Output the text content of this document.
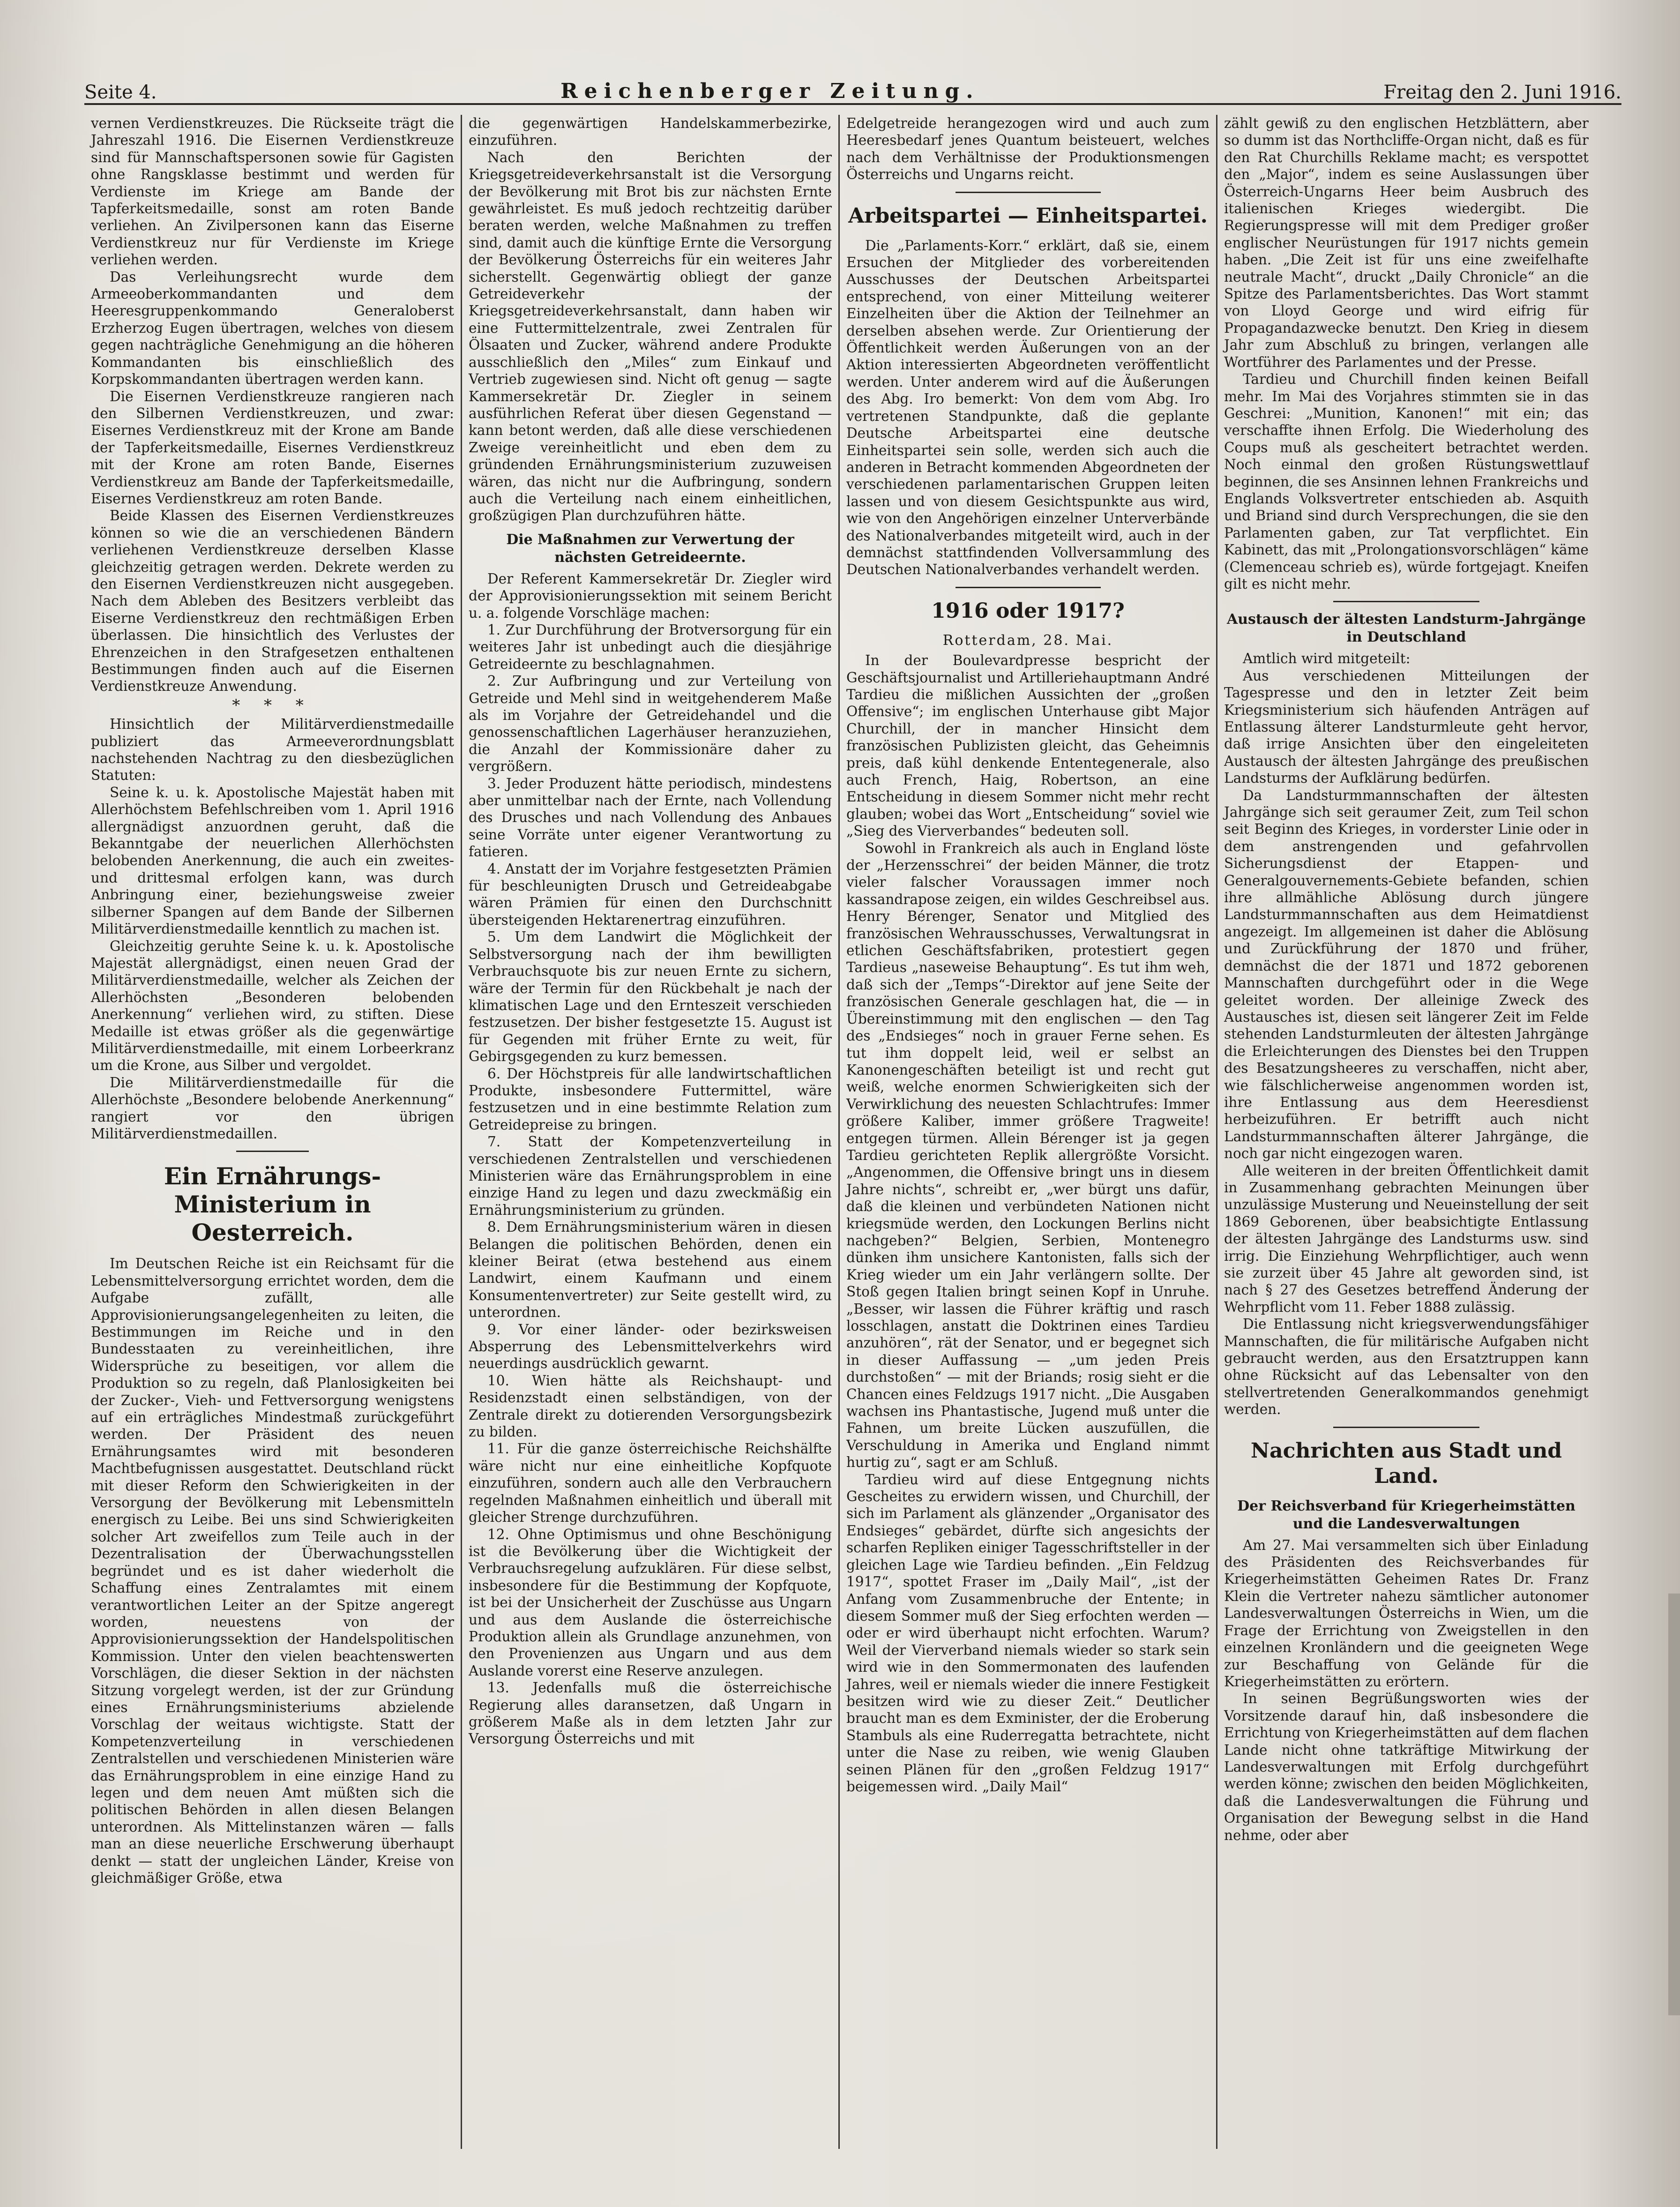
Seite 4.	Reichenberger Zeitung.	Freitag den 2. Juni 1916.

vernen Verdienstkreuzes. Die Rückseite trägt die Jahreszahl 1916. Die Eisernen Verdienstkreuze sind für Mannschaftspersonen sowie für Gagisten ohne Rangsklasse bestimmt und werden für Verdienste im Kriege am Bande der Tapferkeitsmedaille, sonst am roten Bande verliehen. An Zivilpersonen kann das Eiserne Verdienstkreuz nur für Verdienste im Kriege verliehen werden.

Das Verleihungsrecht wurde dem Armeeoberkommandanten und dem Heeresgruppenkommando Generaloberst Erzherzog Eugen übertragen, welches von diesem gegen nachträgliche Genehmigung an die höheren Kommandanten bis einschließlich des Korpskommandanten übertragen werden kann.

Die Eisernen Verdienstkreuze rangieren nach den Silbernen Verdienstkreuzen, und zwar: Eisernes Verdienstkreuz mit der Krone am Bande der Tapferkeitsmedaille, Eisernes Verdienstkreuz mit der Krone am roten Bande, Eisernes Verdienstkreuz am Bande der Tapferkeitsmedaille, Eisernes Verdienstkreuz am roten Bande.

Beide Klassen des Eisernen Verdienstkreuzes können so wie die an verschiedenen Bändern verliehenen Verdienstkreuze derselben Klasse gleichzeitig getragen werden. Dekrete werden zu den Eisernen Verdienstkreuzen nicht ausgegeben. Nach dem Ableben des Besitzers verbleibt das Eiserne Verdienstkreuz den rechtmäßigen Erben überlassen. Die hinsichtlich des Verlustes der Ehrenzeichen in den Strafgesetzen enthaltenen Bestimmungen finden auch auf die Eisernen Verdienstkreuze Anwendung.

* * *

Hinsichtlich der Militärverdienstmedaille publiziert das Armeeverordnungsblatt nachstehenden Nachtrag zu den diesbezüglichen Statuten:

Seine k. u. k. Apostolische Majestät haben mit Allerhöchstem Befehlschreiben vom 1. April 1916 allergnädigst anzuordnen geruht, daß die Bekanntgabe der neuerlichen Allerhöchsten belobenden Anerkennung, die auch ein zweites- und drittesmal erfolgen kann, was durch Anbringung einer, beziehungsweise zweier silberner Spangen auf dem Bande der Silbernen Militärverdienstmedaille kenntlich zu machen ist.

Gleichzeitig geruhte Seine k. u. k. Apostolische Majestät allergnädigst, einen neuen Grad der Militärverdienstmedaille, welcher als Zeichen der Allerhöchsten „Besonderen belobenden Anerkennung“ verliehen wird, zu stiften. Diese Medaille ist etwas größer als die gegenwärtige Militärverdienstmedaille, mit einem Lorbeerkranz um die Krone, aus Silber und vergoldet.

Die Militärverdienstmedaille für die Allerhöchste „Besondere belobende Anerkennung“ rangiert vor den übrigen Militärverdienstmedaillen.

Ein Ernährungs-Ministerium in Oesterreich.

Im Deutschen Reiche ist ein Reichsamt für die Lebensmittelversorgung errichtet worden, dem die Aufgabe zufällt, alle Approvisionierungsangelegenheiten zu leiten, die Bestimmungen im Reiche und in den Bundesstaaten zu vereinheitlichen, ihre Widersprüche zu beseitigen, vor allem die Produktion so zu regeln, daß Planlosigkeiten bei der Zucker-, Vieh- und Fettversorgung wenigstens auf ein erträgliches Mindestmaß zurückgeführt werden. Der Präsident des neuen Ernährungsamtes wird mit besonderen Machtbefugnissen ausgestattet. Deutschland rückt mit dieser Reform den Schwierigkeiten in der Versorgung der Bevölkerung mit Lebensmitteln energisch zu Leibe. Bei uns sind Schwierigkeiten solcher Art zweifellos zum Teile auch in der Dezentralisation der Überwachungsstellen begründet und es ist daher wiederholt die Schaffung eines Zentralamtes mit einem verantwortlichen Leiter an der Spitze angeregt worden, neuestens von der Approvisionierungssektion der Handelspolitischen Kommission. Unter den vielen beachtenswerten Vorschlägen, die dieser Sektion in der nächsten Sitzung vorgelegt werden, ist der zur Gründung eines Ernährungsministeriums abzielende Vorschlag der weitaus wichtigste. Statt der Kompetenzverteilung in verschiedenen Zentralstellen und verschiedenen Ministerien wäre das Ernährungsproblem in eine einzige Hand zu legen und dem neuen Amt müßten sich die politischen Behörden in allen diesen Belangen unterordnen. Als Mittelinstanzen wären — falls man an diese neuerliche Erschwerung überhaupt denkt — statt der ungleichen Länder, Kreise von gleichmäßiger Größe, etwa

die gegenwärtigen Handelskammerbezirke, einzuführen.

Nach den Berichten der Kriegsgetreideverkehrsanstalt ist die Versorgung der Bevölkerung mit Brot bis zur nächsten Ernte gewährleistet. Es muß jedoch rechtzeitig darüber beraten werden, welche Maßnahmen zu treffen sind, damit auch die künftige Ernte die Versorgung der Bevölkerung Österreichs für ein weiteres Jahr sicherstellt. Gegenwärtig obliegt der ganze Getreideverkehr der Kriegsgetreideverkehrsanstalt, dann haben wir eine Futtermittelzentrale, zwei Zentralen für Ölsaaten und Zucker, während andere Produkte ausschließlich den „Miles“ zum Einkauf und Vertrieb zugewiesen sind. Nicht oft genug — sagte Kammersekretär Dr. Ziegler in seinem ausführlichen Referat über diesen Gegenstand — kann betont werden, daß alle diese verschiedenen Zweige vereinheitlicht und eben dem zu gründenden Ernährungsministerium zuzuweisen wären, das nicht nur die Aufbringung, sondern auch die Verteilung nach einem einheitlichen, großzügigen Plan durchzuführen hätte.

Die Maßnahmen zur Verwertung der nächsten Getreideernte.

Der Referent Kammersekretär Dr. Ziegler wird der Approvisionierungssektion mit seinem Bericht u. a. folgende Vorschläge machen:

1. Zur Durchführung der Brotversorgung für ein weiteres Jahr ist unbedingt auch die diesjährige Getreideernte zu beschlagnahmen.

2. Zur Aufbringung und zur Verteilung von Getreide und Mehl sind in weitgehenderem Maße als im Vorjahre der Getreidehandel und die genossenschaftlichen Lagerhäuser heranzuziehen, die Anzahl der Kommissionäre daher zu vergrößern.

3. Jeder Produzent hätte periodisch, mindestens aber unmittelbar nach der Ernte, nach Vollendung des Drusches und nach Vollendung des Anbaues seine Vorräte unter eigener Verantwortung zu fatieren.

4. Anstatt der im Vorjahre festgesetzten Prämien für beschleunigten Drusch und Getreideabgabe wären Prämien für einen den Durchschnitt übersteigenden Hektarenertrag einzuführen.

5. Um dem Landwirt die Möglichkeit der Selbstversorgung nach der ihm bewilligten Verbrauchsquote bis zur neuen Ernte zu sichern, wäre der Termin für den Rückbehalt je nach der klimatischen Lage und den Ernteszeit verschieden festzusetzen. Der bisher festgesetzte 15. August ist für Gegenden mit früher Ernte zu weit, für Gebirgsgegenden zu kurz bemessen.

6. Der Höchstpreis für alle landwirtschaftlichen Produkte, insbesondere Futtermittel, wäre festzusetzen und in eine bestimmte Relation zum Getreidepreise zu bringen.

7. Statt der Kompetenzverteilung in verschiedenen Zentralstellen und verschiedenen Ministerien wäre das Ernährungsproblem in eine einzige Hand zu legen und dazu zweckmäßig ein Ernährungsministerium zu gründen.

8. Dem Ernährungsministerium wären in diesen Belangen die politischen Behörden, denen ein kleiner Beirat (etwa bestehend aus einem Landwirt, einem Kaufmann und einem Konsumentenvertreter) zur Seite gestellt wird, zu unterordnen.

9. Vor einer länder- oder bezirksweisen Absperrung des Lebensmittelverkehrs wird neuerdings ausdrücklich gewarnt.

10. Wien hätte als Reichshaupt- und Residenzstadt einen selbständigen, von der Zentrale direkt zu dotierenden Versorgungsbezirk zu bilden.

11. Für die ganze österreichische Reichshälfte wäre nicht nur eine einheitliche Kopfquote einzuführen, sondern auch alle den Verbrauchern regelnden Maßnahmen einheitlich und überall mit gleicher Strenge durchzuführen.

12. Ohne Optimismus und ohne Beschönigung ist die Bevölkerung über die Wichtigkeit der Verbrauchsregelung aufzuklären. Für diese selbst, insbesondere für die Bestimmung der Kopfquote, ist bei der Unsicherheit der Zuschüsse aus Ungarn und aus dem Auslande die österreichische Produktion allein als Grundlage anzunehmen, von den Provenienzen aus Ungarn und aus dem Auslande vorerst eine Reserve anzulegen.

13. Jedenfalls muß die österreichische Regierung alles daransetzen, daß Ungarn in größerem Maße als in dem letzten Jahr zur Versorgung Österreichs und mit

Edelgetreide herangezogen wird und auch zum Heeresbedarf jenes Quantum beisteuert, welches nach dem Verhältnisse der Produktionsmengen Österreichs und Ungarns reicht.

Arbeitspartei — Einheitspartei.

Die „Parlaments-Korr.“ erklärt, daß sie, einem Ersuchen der Mitglieder des vorbereitenden Ausschusses der Deutschen Arbeitspartei entsprechend, von einer Mitteilung weiterer Einzelheiten über die Aktion der Teilnehmer an derselben absehen werde. Zur Orientierung der Öffentlichkeit werden Äußerungen von an der Aktion interessierten Abgeordneten veröffentlicht werden. Unter anderem wird auf die Äußerungen des Abg. Iro bemerkt: Von dem vom Abg. Iro vertretenen Standpunkte, daß die geplante Deutsche Arbeitspartei eine deutsche Einheitspartei sein solle, werden sich auch die anderen in Betracht kommenden Abgeordneten der verschiedenen parlamentarischen Gruppen leiten lassen und von diesem Gesichtspunkte aus wird, wie von den Angehörigen einzelner Unterverbände des Nationalverbandes mitgeteilt wird, auch in der demnächst stattfindenden Vollversammlung des Deutschen Nationalverbandes verhandelt werden.

1916 oder 1917?
Rotterdam, 28. Mai.

In der Boulevardpresse bespricht der Geschäftsjournalist und Artilleriehauptmann André Tardieu die mißlichen Aussichten der „großen Offensive“; im englischen Unterhause gibt Major Churchill, der in mancher Hinsicht dem französischen Publizisten gleicht, das Geheimnis preis, daß kühl denkende Ententegenerale, also auch French, Haig, Robertson, an eine Entscheidung in diesem Sommer nicht mehr recht glauben; wobei das Wort „Entscheidung“ soviel wie „Sieg des Vierverbandes“ bedeuten soll.

Sowohl in Frankreich als auch in England löste der „Herzensschrei“ der beiden Männer, die trotz vieler falscher Voraussagen immer noch kassandrapose zeigen, ein wildes Geschreibsel aus. Henry Bérenger, Senator und Mitglied des französischen Wehrausschusses, Verwaltungsrat in etlichen Geschäftsfabriken, protestiert gegen Tardieus „naseweise Behauptung“. Es tut ihm weh, daß sich der „Temps“-Direktor auf jene Seite der französischen Generale geschlagen hat, die — in Übereinstimmung mit den englischen — den Tag des „Endsieges“ noch in grauer Ferne sehen. Es tut ihm doppelt leid, weil er selbst an Kanonengeschäften beteiligt ist und recht gut weiß, welche enormen Schwierigkeiten sich der Verwirklichung des neuesten Schlachtrufes: Immer größere Kaliber, immer größere Tragweite! entgegen türmen. Allein Bérenger ist ja gegen Tardieu gerichteten Replik allergrößte Vorsicht. „Angenommen, die Offensive bringt uns in diesem Jahre nichts“, schreibt er, „wer bürgt uns dafür, daß die kleinen und verbündeten Nationen nicht kriegsmüde werden, den Lockungen Berlins nicht nachgeben?“ Belgien, Serbien, Montenegro dünken ihm unsichere Kantonisten, falls sich der Krieg wieder um ein Jahr verlängern sollte. Der Stoß gegen Italien bringt seinen Kopf in Unruhe. „Besser, wir lassen die Führer kräftig und rasch losschlagen, anstatt die Doktrinen eines Tardieu anzuhören“, rät der Senator, und er begegnet sich in dieser Auffassung — „um jeden Preis durchstoßen“ — mit der Briands; rosig sieht er die Chancen eines Feldzugs 1917 nicht. „Die Ausgaben wachsen ins Phantastische, Jugend muß unter die Fahnen, um breite Lücken auszufüllen, die Verschuldung in Amerika und England nimmt hurtig zu“, sagt er am Schluß.

Tardieu wird auf diese Entgegnung nichts Gescheites zu erwidern wissen, und Churchill, der sich im Parlament als glänzender „Organisator des Endsieges“ gebärdet, dürfte sich angesichts der scharfen Repliken einiger Tagesschriftsteller in der gleichen Lage wie Tardieu befinden. „Ein Feldzug 1917“, spottet Fraser im „Daily Mail“, „ist der Anfang vom Zusammenbruche der Entente; in diesem Sommer muß der Sieg erfochten werden — oder er wird überhaupt nicht erfochten. Warum? Weil der Vierverband niemals wieder so stark sein wird wie in den Sommermonaten des laufenden Jahres, weil er niemals wieder die innere Festigkeit besitzen wird wie zu dieser Zeit.“ Deutlicher braucht man es dem Exminister, der die Eroberung Stambuls als eine Ruderregatta betrachtete, nicht unter die Nase zu reiben, wie wenig Glauben seinen Plänen für den „großen Feldzug 1917“ beigemessen wird. „Daily Mail“

zählt gewiß zu den englischen Hetzblättern, aber so dumm ist das Northcliffe-Organ nicht, daß es für den Rat Churchills Reklame macht; es verspottet den „Major“, indem es seine Auslassungen über Österreich-Ungarns Heer beim Ausbruch des italienischen Krieges wiedergibt. Die Regierungspresse will mit dem Prediger großer englischer Neurüstungen für 1917 nichts gemein haben. „Die Zeit ist für uns eine zweifelhafte neutrale Macht“, druckt „Daily Chronicle“ an die Spitze des Parlamentsberichtes. Das Wort stammt von Lloyd George und wird eifrig für Propagandazwecke benutzt. Den Krieg in diesem Jahr zum Abschluß zu bringen, verlangen alle Wortführer des Parlamentes und der Presse.

Tardieu und Churchill finden keinen Beifall mehr. Im Mai des Vorjahres stimmten sie in das Geschrei: „Munition, Kanonen!“ mit ein; das verschaffte ihnen Erfolg. Die Wiederholung des Coups muß als gescheitert betrachtet werden. Noch einmal den großen Rüstungswettlauf beginnen, die ses Ansinnen lehnen Frankreichs und Englands Volksvertreter entschieden ab. Asquith und Briand sind durch Versprechungen, die sie den Parlamenten gaben, zur Tat verpflichtet. Ein Kabinett, das mit „Prolongationsvorschlägen“ käme (Clemenceau schrieb es), würde fortgejagt. Kneifen gilt es nicht mehr.

Austausch der ältesten Landsturm-Jahrgänge in Deutschland

Amtlich wird mitgeteilt:

Aus verschiedenen Mitteilungen der Tagespresse und den in letzter Zeit beim Kriegsministerium sich häufenden Anträgen auf Entlassung älterer Landsturmleute geht hervor, daß irrige Ansichten über den eingeleiteten Austausch der ältesten Jahrgänge des preußischen Landsturms der Aufklärung bedürfen.

Da Landsturmmannschaften der ältesten Jahrgänge sich seit geraumer Zeit, zum Teil schon seit Beginn des Krieges, in vorderster Linie oder in dem anstrengenden und gefahrvollen Sicherungsdienst der Etappen- und Generalgouvernements-Gebiete befanden, schien ihre allmähliche Ablösung durch jüngere Landsturmmannschaften aus dem Heimatdienst angezeigt. Im allgemeinen ist daher die Ablösung und Zurückführung der 1870 und früher, demnächst die der 1871 und 1872 geborenen Mannschaften durchgeführt oder in die Wege geleitet worden. Der alleinige Zweck des Austausches ist, diesen seit längerer Zeit im Felde stehenden Landsturmleuten der ältesten Jahrgänge die Erleichterungen des Dienstes bei den Truppen des Besatzungsheeres zu verschaffen, nicht aber, wie fälschlicherweise angenommen worden ist, ihre Entlassung aus dem Heeresdienst herbeizuführen. Er betrifft auch nicht Landsturmmannschaften älterer Jahrgänge, die noch gar nicht eingezogen waren.

Alle weiteren in der breiten Öffentlichkeit damit in Zusammenhang gebrachten Meinungen über unzulässige Musterung und Neueinstellung der seit 1869 Geborenen, über beabsichtigte Entlassung der ältesten Jahrgänge des Landsturms usw. sind irrig. Die Einziehung Wehrpflichtiger, auch wenn sie zurzeit über 45 Jahre alt geworden sind, ist nach § 27 des Gesetzes betreffend Änderung der Wehrpflicht vom 11. Feber 1888 zulässig.

Die Entlassung nicht kriegsverwendungsfähiger Mannschaften, die für militärische Aufgaben nicht gebraucht werden, aus den Ersatztruppen kann ohne Rücksicht auf das Lebensalter von den stellvertretenden Generalkommandos genehmigt werden.

Nachrichten aus Stadt und Land.
Der Reichsverband für Kriegerheimstätten und die Landesverwaltungen

Am 27. Mai versammelten sich über Einladung des Präsidenten des Reichsverbandes für Kriegerheimstätten Geheimen Rates Dr. Franz Klein die Vertreter nahezu sämtlicher autonomer Landesverwaltungen Österreichs in Wien, um die Frage der Errichtung von Zweigstellen in den einzelnen Kronländern und die geeigneten Wege zur Beschaffung von Gelände für die Kriegerheimstätten zu erörtern.

In seinen Begrüßungsworten wies der Vorsitzende darauf hin, daß insbesondere die Errichtung von Kriegerheimstätten auf dem flachen Lande nicht ohne tatkräftige Mitwirkung der Landesverwaltungen mit Erfolg durchgeführt werden könne; zwischen den beiden Möglichkeiten, daß die Landesverwaltungen die Führung und Organisation der Bewegung selbst in die Hand nehme, oder aber
